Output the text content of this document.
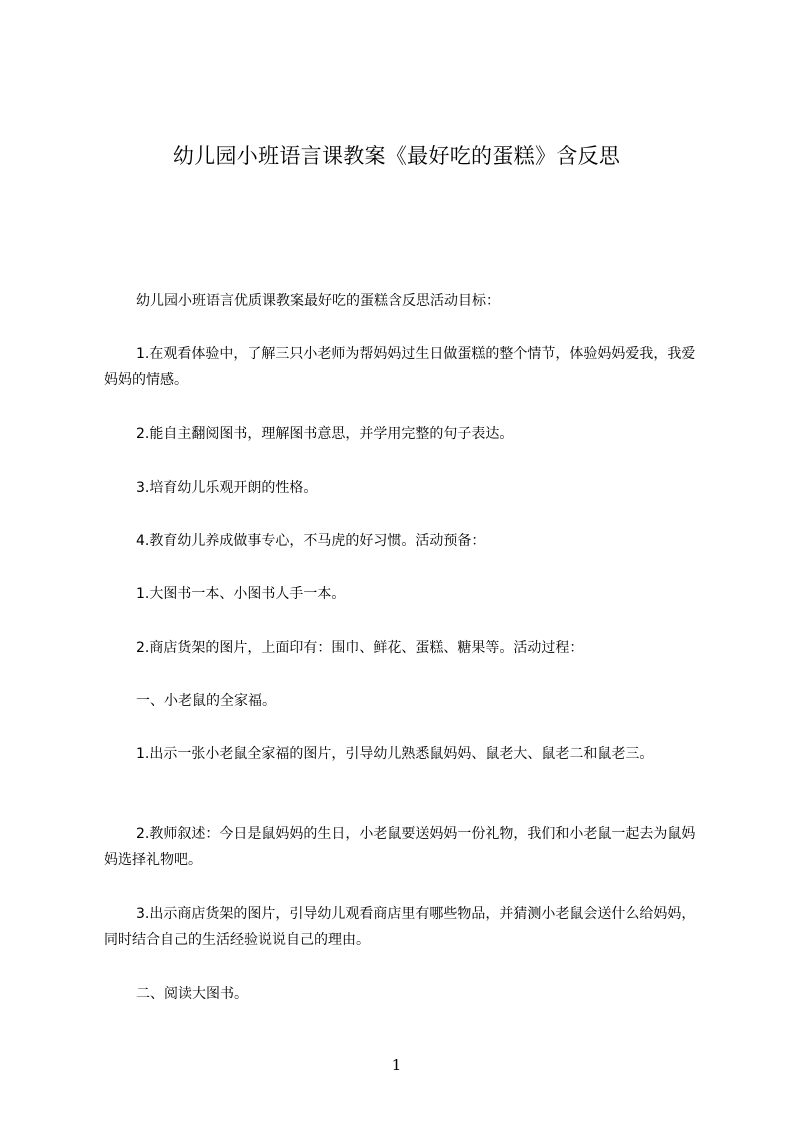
幼儿园小班语言课教案《最好吃的蛋糕》含反思
幼儿园小班语言优质课教案最好吃的蛋糕含反思活动目标：
1.在观看体验中，了解三只小老师为帮妈妈过生日做蛋糕的整个情节，体验妈妈爱我，我爱妈妈的情感。
2.能自主翻阅图书，理解图书意思，并学用完整的句子表达。
3.培育幼儿乐观开朗的性格。
4.教育幼儿养成做事专心，不马虎的好习惯。活动预备：
1.大图书一本、小图书人手一本。
2.商店货架的图片，上面印有：围巾、鲜花、蛋糕、糖果等。活动过程：
一、小老鼠的全家福。
1.出示一张小老鼠全家福的图片，引导幼儿熟悉鼠妈妈、鼠老大、鼠老二和鼠老三。
2.教师叙述：今日是鼠妈妈的生日，小老鼠要送妈妈一份礼物，我们和小老鼠一起去为鼠妈妈选择礼物吧。
3.出示商店货架的图片，引导幼儿观看商店里有哪些物品，并猜测小老鼠会送什么给妈妈，同时结合自己的生活经验说说自己的理由。
二、阅读大图书。
1
